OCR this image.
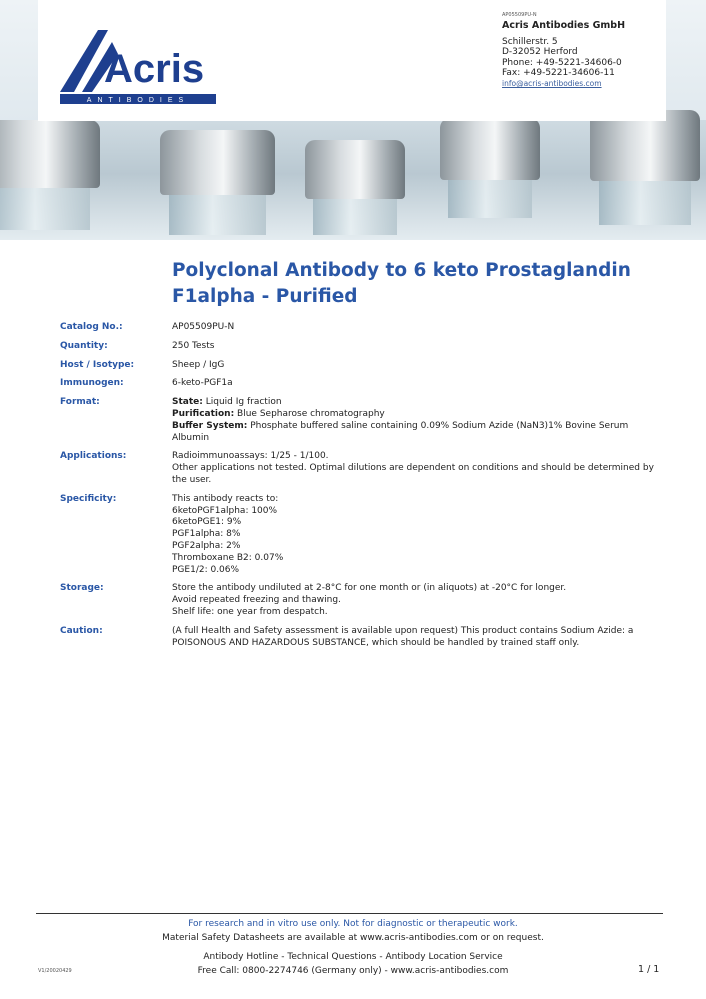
Acris
ANTIBODIES
AP05509PU-N
Acris Antibodies GmbH
Schillerstr. 5
D-32052 Herford
Phone: +49-5221-34606-0
Fax: +49-5221-34606-11
info@acris-antibodies.com
Polyclonal Antibody to 6 keto Prostaglandin F1alpha - Purified
Catalog No.:	AP05509PU-N
Quantity:	250 Tests
Host / Isotype:	Sheep / IgG
Immunogen:	6-keto-PGF1a
Format:	State: Liquid Ig fraction
Purification: Blue Sepharose chromatography
Buffer System: Phosphate buffered saline containing 0.09% Sodium Azide (NaN3)1% Bovine Serum Albumin
Applications:	Radioimmunoassays: 1/25 - 1/100.
Other applications not tested. Optimal dilutions are dependent on conditions and should be determined by the user.
Specificity:	This antibody reacts to:
6ketoPGF1alpha: 100%
6ketoPGE1: 9%
PGF1alpha: 8%
PGF2alpha: 2%
Thromboxane B2: 0.07%
PGE1/2: 0.06%
Storage:	Store the antibody undiluted at 2-8°C for one month or (in aliquots) at -20°C for longer.
Avoid repeated freezing and thawing.
Shelf life: one year from despatch.
Caution:	(A full Health and Safety assessment is available upon request) This product contains Sodium Azide: a POISONOUS AND HAZARDOUS SUBSTANCE, which should be handled by trained staff only.
For research and in vitro use only. Not for diagnostic or therapeutic work.
Material Safety Datasheets are available at www.acris-antibodies.com or on request.
Antibody Hotline - Technical Questions - Antibody Location Service
Free Call: 0800-2274746 (Germany only) - www.acris-antibodies.com
V1/20020429	1 / 1
